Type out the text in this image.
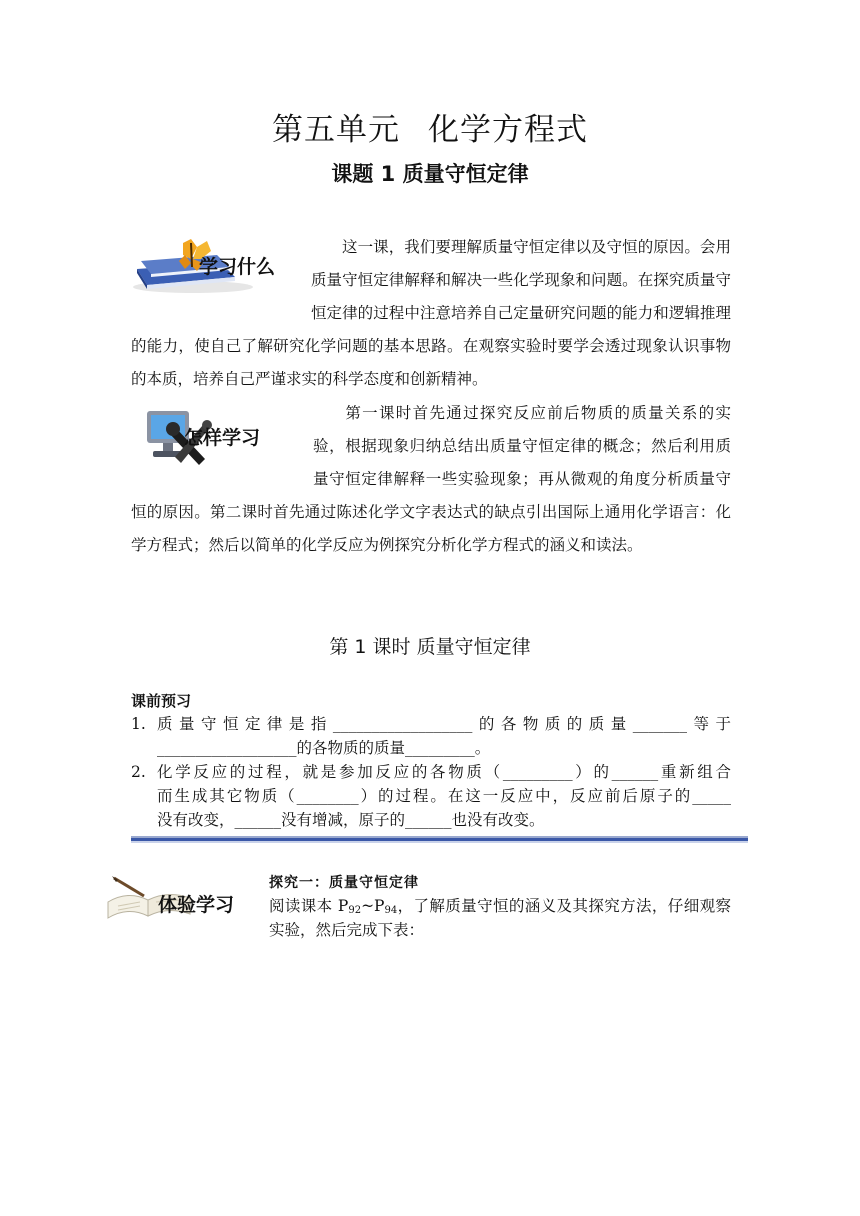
第五单元 化学方程式
课题 1 质量守恒定律
学习什么
这一课，我们要理解质量守恒定律以及守恒的原因。会用质量守恒定律解释和解决一些化学现象和问题。在探究质量守恒定律的过程中注意培养自己定量研究问题的能力和逻辑推理的能力，使自己了解研究化学问题的基本思路。在观察实验时要学会透过现象认识事物的本质，培养自己严谨求实的科学态度和创新精神。
怎样学习
第一课时首先通过探究反应前后物质的质量关系的实验，根据现象归纳总结出质量守恒定律的概念；然后利用质量守恒定律解释一些实验现象；再从微观的角度分析质量守恒的原因。第二课时首先通过陈述化学文字表达式的缺点引出国际上通用化学语言：化学方程式；然后以简单的化学反应为例探究分析化学方程式的涵义和读法。
第 1 课时 质量守恒定律
课前预习
1. 质量守恒定律是指__________________的各物质的质量_______等于
__________________的各物质的质量_________。
2. 化学反应的过程，就是参加反应的各物质（_________）的______重新组合
而生成其它物质（________）的过程。在这一反应中，反应前后原子的_____
没有改变，______没有增减，原子的______也没有改变。
体验学习
探究一：质量守恒定律
阅读课本 $P_{92}\sim P_{94}$，了解质量守恒的涵义及其探究方法，仔细观察实验，然后完成下表：
